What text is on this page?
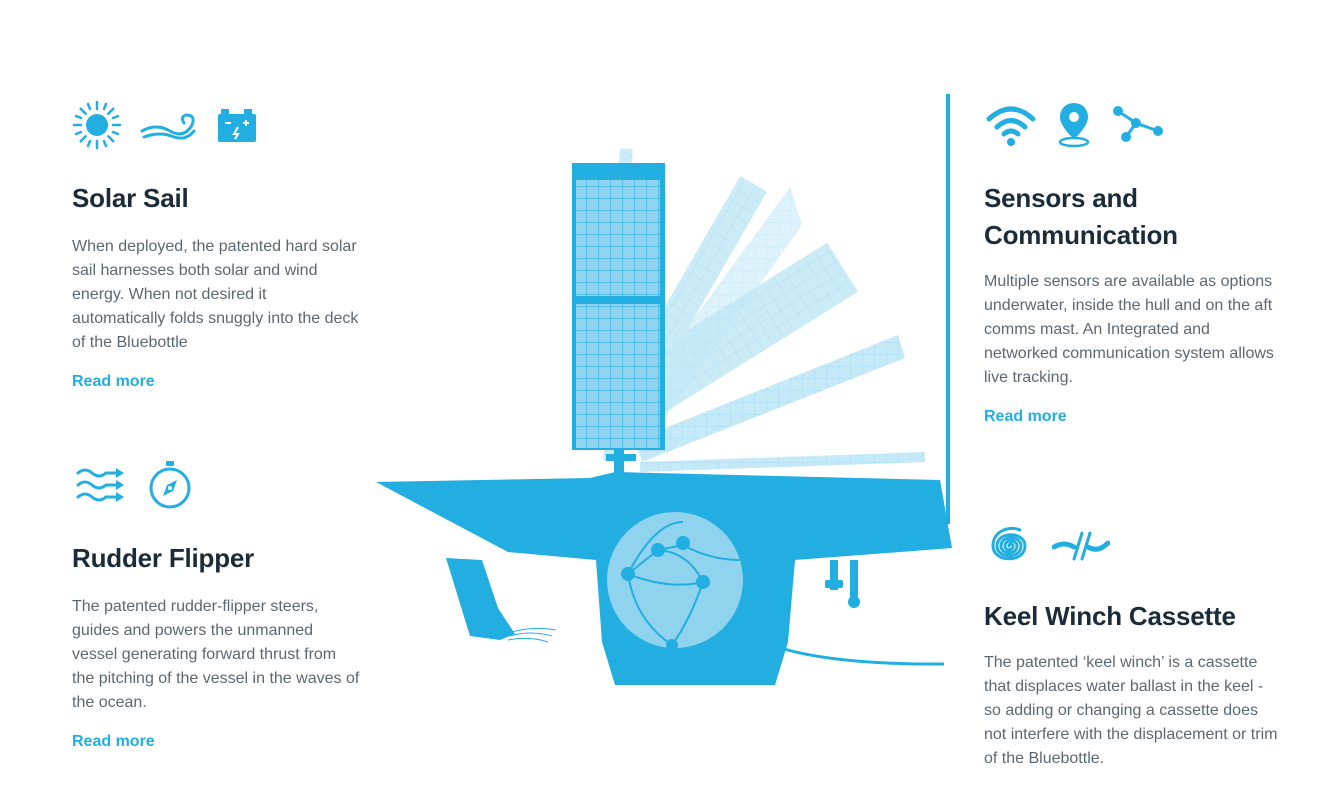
Solar Sail

When deployed, the patented hard solar sail harnesses both solar and wind energy. When not desired it automatically folds snuggly into the deck of the Bluebottle

Read more
Rudder Flipper

The patented rudder-flipper steers, guides and powers the unmanned vessel generating forward thrust from the pitching of the vessel in the waves of the ocean.

Read more
Sensors and Communication

Multiple sensors are available as options underwater, inside the hull and on the aft comms mast. An Integrated and networked communication system allows live tracking.

Read more
Keel Winch Cassette

The patented ‘keel winch’ is a cassette that displaces water ballast in the keel - so adding or changing a cassette does not interfere with the displacement or trim of the Bluebottle.
